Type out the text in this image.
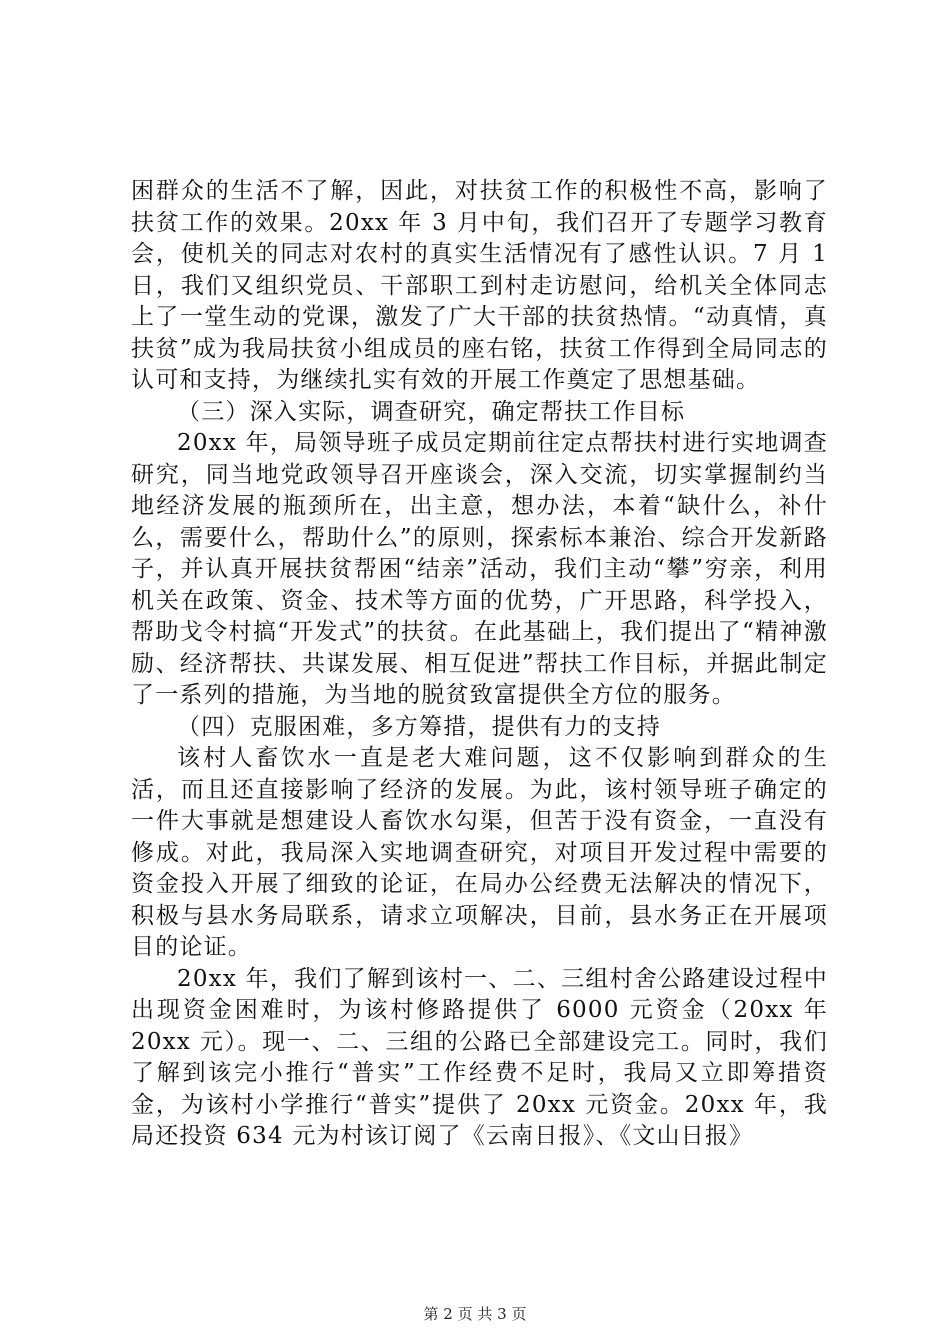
困群众的生活不了解，因此，对扶贫工作的积极性不高，影响了扶贫工作的效果。20xx 年 3 月中旬，我们召开了专题学习教育会，使机关的同志对农村的真实生活情况有了感性认识。7 月 1 日，我们又组织党员、干部职工到村走访慰问，给机关全体同志上了一堂生动的党课，激发了广大干部的扶贫热情。“动真情，真扶贫”成为我局扶贫小组成员的座右铭，扶贫工作得到全局同志的认可和支持，为继续扎实有效的开展工作奠定了思想基础。

（三）深入实际，调查研究，确定帮扶工作目标

20xx 年，局领导班子成员定期前往定点帮扶村进行实地调查研究，同当地党政领导召开座谈会，深入交流，切实掌握制约当地经济发展的瓶颈所在，出主意，想办法，本着“缺什么，补什么，需要什么，帮助什么”的原则，探索标本兼治、综合开发新路子，并认真开展扶贫帮困“结亲”活动，我们主动“攀”穷亲，利用机关在政策、资金、技术等方面的优势，广开思路，科学投入，帮助戈令村搞“开发式”的扶贫。在此基础上，我们提出了“精神激励、经济帮扶、共谋发展、相互促进”帮扶工作目标，并据此制定了一系列的措施，为当地的脱贫致富提供全方位的服务。

（四）克服困难，多方筹措，提供有力的支持

该村人畜饮水一直是老大难问题，这不仅影响到群众的生活，而且还直接影响了经济的发展。为此，该村领导班子确定的一件大事就是想建设人畜饮水勾渠，但苦于没有资金，一直没有修成。对此，我局深入实地调查研究，对项目开发过程中需要的资金投入开展了细致的论证，在局办公经费无法解决的情况下，积极与县水务局联系，请求立项解决，目前，县水务正在开展项目的论证。

20xx 年，我们了解到该村一、二、三组村舍公路建设过程中出现资金困难时，为该村修路提供了 6000 元资金（20xx 年 20xx 元）。现一、二、三组的公路已全部建设完工。同时，我们了解到该完小推行“普实”工作经费不足时，我局又立即筹措资金，为该村小学推行“普实”提供了 20xx 元资金。20xx 年，我局还投资 634 元为村该订阅了《云南日报》、《文山日报》

第 2 页 共 3 页
